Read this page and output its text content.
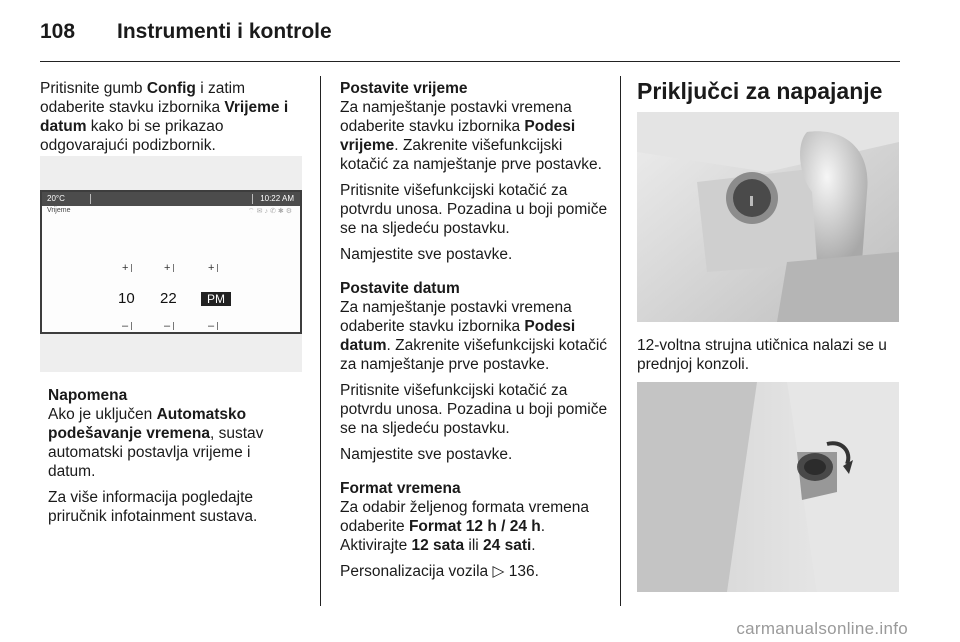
108 Instrumenti i kontrole

Pritisnite gumb Config i zatim odaberite stavku izbornika Vrijeme i datum kako bi se prikazao odgovarajući podizbornik.

20°C	10:22 AM
Vrijeme	⌔✉♪✆✱⚙
+	+	+
10 22	PM
–	–	–
Napomena

Ako je uključen Automatsko podešavanje vremena, sustav automatski postavlja vrijeme i datum.

Za više informacija pogledajte priručnik infotainment sustava.

Postavite vrijeme

Za namještanje postavki vremena odaberite stavku izbornika Podesi vrijeme. Zakrenite višefunkcijski kotačić za namještanje prve postavke.

Pritisnite višefunkcijski kotačić za potvrdu unosa. Pozadina u boji pomiče se na sljedeću postavku.

Namjestite sve postavke.

Postavite datum

Za namještanje postavki vremena odaberite stavku izbornika Podesi datum. Zakrenite višefunkcijski kotačić za namještanje prve postavke.

Pritisnite višefunkcijski kotačić za potvrdu unosa. Pozadina u boji pomiče se na sljedeću postavku.

Namjestite sve postavke.

Format vremena

Za odabir željenog formata vremena odaberite Format 12 h / 24 h.
Aktivirajte 12 sata ili 24 sati.

Personalizacija vozila ▷ 136.

Priključci za napajanje

12-voltna strujna utičnica nalazi se u prednjoj konzoli.

carmanualsonline.info
